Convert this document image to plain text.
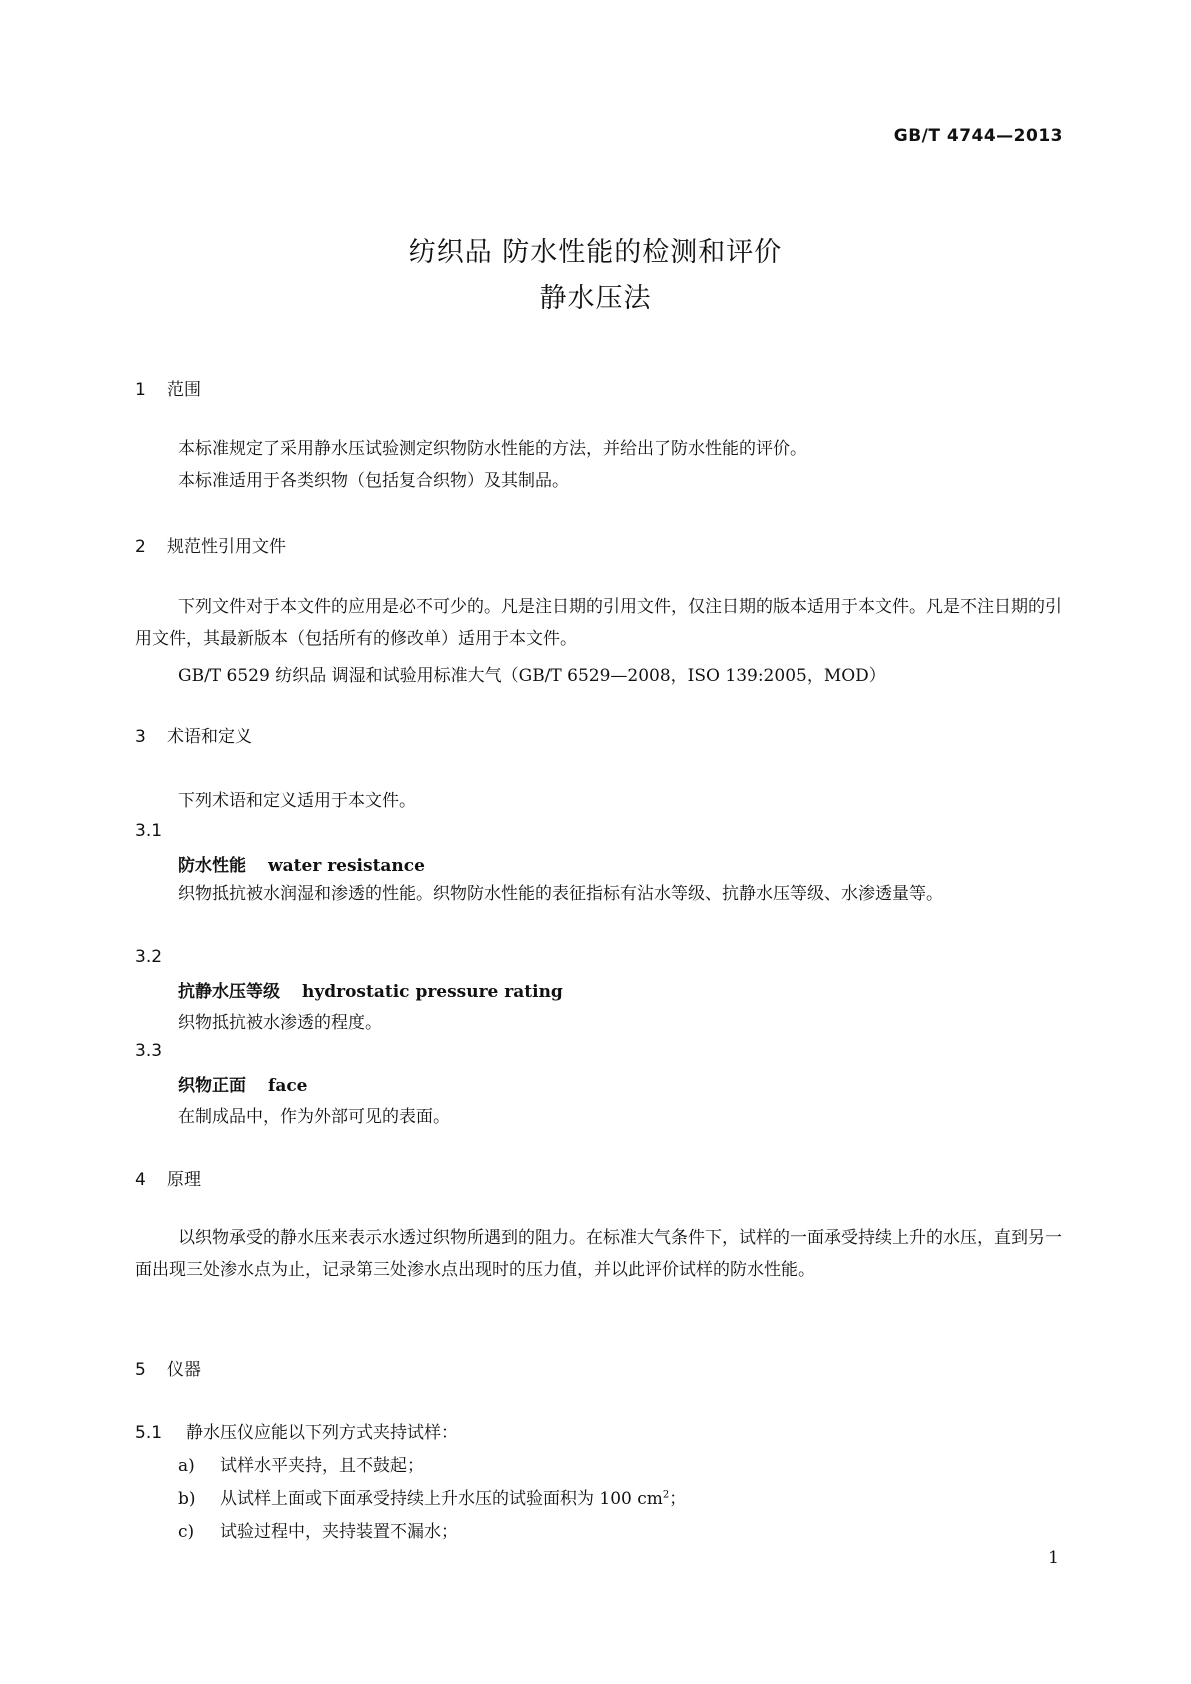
GB/T 4744—2013
纺织品 防水性能的检测和评价
静水压法
1 范围
本标准规定了采用静水压试验测定织物防水性能的方法，并给出了防水性能的评价。
本标准适用于各类织物（包括复合织物）及其制品。
2 规范性引用文件
下列文件对于本文件的应用是必不可少的。凡是注日期的引用文件，仅注日期的版本适用于本文件。凡是不注日期的引用文件，其最新版本（包括所有的修改单）适用于本文件。
GB/T 6529 纺织品 调湿和试验用标准大气（GB/T 6529—2008，ISO 139:2005，MOD）
3 术语和定义
下列术语和定义适用于本文件。
3.1
防水性能 water resistance
织物抵抗被水润湿和渗透的性能。织物防水性能的表征指标有沾水等级、抗静水压等级、水渗透量等。
3.2
抗静水压等级 hydrostatic pressure rating
织物抵抗被水渗透的程度。
3.3
织物正面 face
在制成品中，作为外部可见的表面。
4 原理
以织物承受的静水压来表示水透过织物所遇到的阻力。在标准大气条件下，试样的一面承受持续上升的水压，直到另一面出现三处渗水点为止，记录第三处渗水点出现时的压力值，并以此评价试样的防水性能。
5 仪器
5.1 静水压仪应能以下列方式夹持试样：
a) 试样水平夹持，且不鼓起；
b) 从试样上面或下面承受持续上升水压的试验面积为 100 $cm^2$；
c) 试验过程中，夹持装置不漏水；
1
